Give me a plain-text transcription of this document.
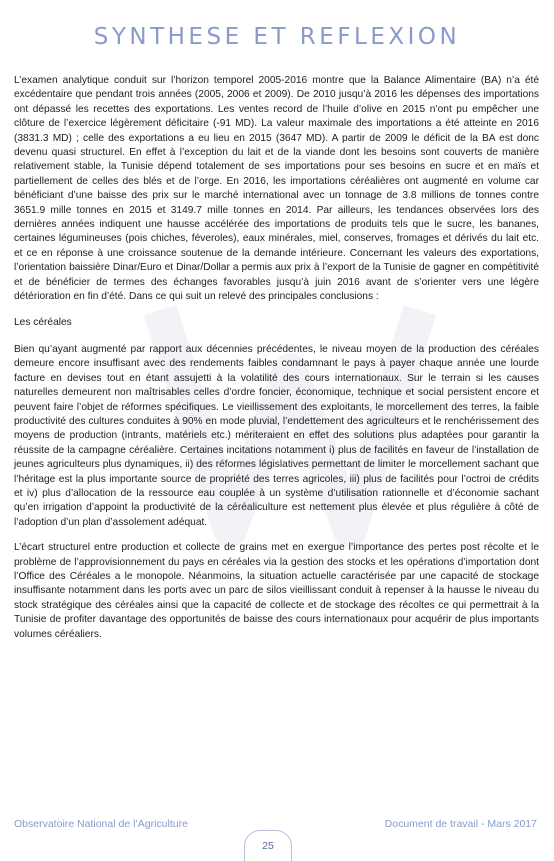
SYNTHESE ET REFLEXION

L’examen analytique conduit sur l’horizon temporel 2005-2016 montre que la Balance Alimentaire (BA) n’a été excédentaire que pendant trois années (2005, 2006 et 2009). De 2010 jusqu’à 2016 les dépenses des importations ont dépassé les recettes des exportations. Les ventes record de l’huile d’olive en 2015 n’ont pu empêcher une clôture de l’exercice légèrement déficitaire (-91 MD). La valeur maximale des importations a été atteinte en 2016 (3831.3 MD) ; celle des exportations a eu lieu en 2015 (3647 MD). A partir de 2009 le déficit de la BA est donc devenu quasi structurel. En effet à l’exception du lait et de la viande dont les besoins sont couverts de manière relativement stable, la Tunisie dépend totalement de ses importations pour ses besoins en sucre et en maïs et partiellement de celles des blés et de l’orge. En 2016, les importations céréalières ont augmenté en volume car bénéficiant d’une baisse des prix sur le marché international avec un tonnage de 3.8 millions de tonnes contre 3651.9 mille tonnes en 2015 et 3149.7 mille tonnes en 2014. Par ailleurs, les tendances observées lors des dernières années indiquent une hausse accélérée des importations de produits tels que le sucre, les bananes, certaines légumineuses (pois chiches, féveroles), eaux minérales, miel, conserves, fromages et dérivés du lait etc. et ce en réponse à une croissance soutenue de la demande intérieure. Concernant les valeurs des exportations, l’orientation baissière Dinar/Euro et Dinar/Dollar a permis aux prix à l’export de la Tunisie de gagner en compétitivité et de bénéficier de termes des échanges favorables jusqu’à juin 2016 avant de s’orienter vers une légère détérioration en fin d’été. Dans ce qui suit un relevé des principales conclusions :

Les céréales

Bien qu’ayant augmenté par rapport aux décennies précédentes, le niveau moyen de la production des céréales demeure encore insuffisant avec des rendements faibles condamnant le pays à payer chaque année une lourde facture en devises tout en étant assujetti à la volatilité des cours internationaux. Sur le terrain si les causes naturelles demeurent non maîtrisables celles d’ordre foncier, économique, technique et social persistent encore et peuvent faire l’objet de réformes spécifiques. Le vieillissement des exploitants, le morcellement des terres, la faible productivité des cultures conduites à 90% en mode pluvial, l’endettement des agriculteurs et le renchérissement des moyens de production (intrants, matériels etc.) mériteraient en effet des solutions plus adaptées pour garantir la réussite de la campagne céréalière. Certaines incitations notamment i) plus de facilités en faveur de l’installation de jeunes agriculteurs plus dynamiques, ii) des réformes législatives permettant de limiter le morcellement sachant que l’héritage est la plus importante source de propriété des terres agricoles, iii) plus de facilités pour l’octroi de crédits et iv) plus d’allocation de la ressource eau couplée à un système d’utilisation rationnelle et d’économie sachant qu’en irrigation d’appoint la productivité de la céréaliculture est nettement plus élevée et plus régulière à côté de l’adoption d’un plan d’assolement adéquat.

L’écart structurel entre production et collecte de grains met en exergue l’importance des pertes post récolte et le problème de l’approvisionnement du pays en céréales via la gestion des stocks et les opérations d’importation dont l’Office des Céréales a le monopole. Néanmoins, la situation actuelle caractérisée par une capacité de stockage insuffisante notamment dans les ports avec un parc de silos vieillissant conduit à repenser à la hausse le niveau du stock stratégique des céréales ainsi que la capacité de collecte et de stockage des récoltes ce qui permettrait à la Tunisie de profiter davantage des opportunités de baisse des cours internationaux pour acquérir de plus importants volumes céréaliers.

Observatoire National de l’Agriculture	Document de travail - Mars 2017
25
